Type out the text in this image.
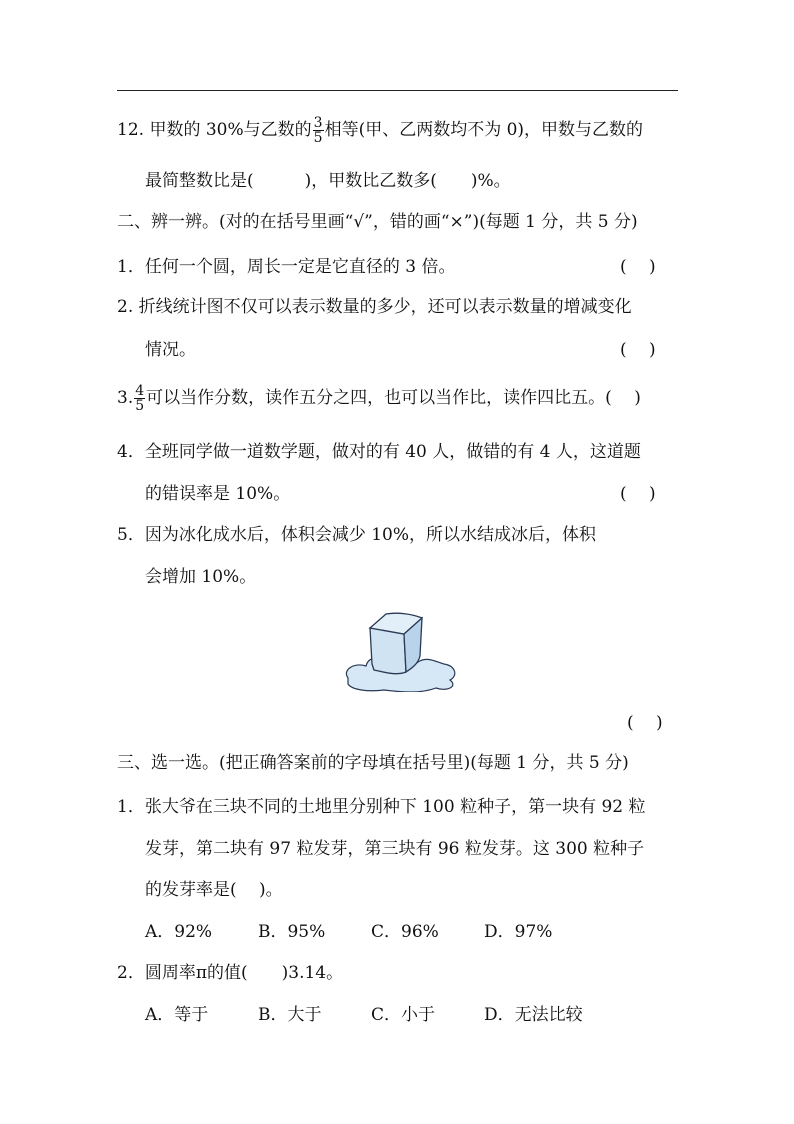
12. 甲数的 30%与乙数的 $\frac{3}{5}$ 相等(甲、乙两数均不为 0)，甲数与乙数的
最简整数比是(　　　)，甲数比乙数多(　　)%。
二、辨一辨。(对的在括号里画“√”，错的画“×”)(每题 1 分，共 5 分)
1．任何一个圆，周长一定是它直径的 3 倍。	(　 )
2. 折线统计图不仅可以表示数量的多少，还可以表示数量的增减变化
情况。	(　 )
3. $\frac{4}{5}$ 可以当作分数，读作五分之四，也可以当作比，读作四比五。(　 )
4．全班同学做一道数学题，做对的有 40 人，做错的有 4 人，这道题
的错误率是 10%。	(　 )
5．因为冰化成水后，体积会减少 10%，所以水结成冰后，体积
会增加 10%。
(　 )
三、选一选。(把正确答案前的字母填在括号里)(每题 1 分，共 5 分)
1．张大爷在三块不同的土地里分别种下 100 粒种子，第一块有 92 粒
发芽，第二块有 97 粒发芽，第三块有 96 粒发芽。这 300 粒种子
的发芽率是(　 )。
A．92%	B．95%	C．96%	D．97%
2．圆周率π的值(　　)3.14。
A．等于	B．大于	C．小于	D．无法比较
